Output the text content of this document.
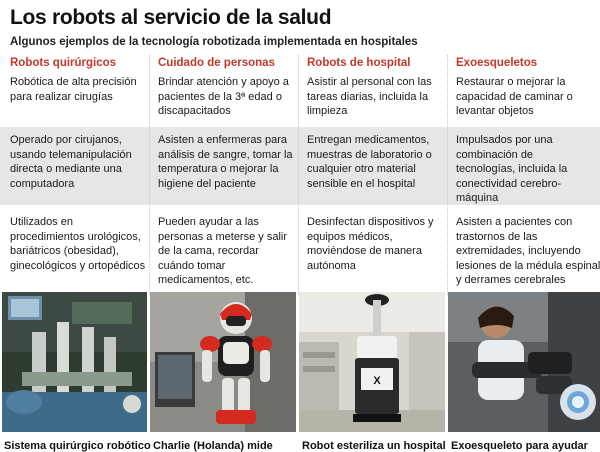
Los robots al servicio de la salud
Algunos ejemplos de la tecnología robotizada implementada en hospitales
Robots quirúrgicos
Robótica de alta precisión para realizar cirugías
Operado por cirujanos, usando telemanipulación directa o mediante una computadora
Utilizados en procedimientos urológicos, bariátricos (obesidad), ginecológicos y ortopédicos
Cuidado de personas
Brindar atención y apoyo a pacientes de la 3ª edad o discapacitados
Asisten a enfermeras para análisis de sangre, tomar la temperatura o mejorar la higiene del paciente
Pueden ayudar a las personas a meterse y salir de la cama, recordar cuándo tomar medicamentos, etc.
Robots de hospital
Asistir al personal con las tareas diarias, incluida la limpieza
Entregan medicamentos, muestras de laboratorio o cualquier otro material sensible en el hospital
Desinfectan dispositivos y equipos médicos, moviéndose de manera autónoma
Exoesqueletos
Restaurar o mejorar la capacidad de caminar o levantar objetos
Impulsados por una combinación de tecnologías, incluida la conectividad cerebro-máquina
Asisten a pacientes con trastornos de las extremidades, incluyendo lesiones de la médula espinal y derrames cerebrales
X
Sistema quirúrgico robótico Charlie (Holanda) mide	Robot esteriliza un hospital Exoesqueleto para ayudar
